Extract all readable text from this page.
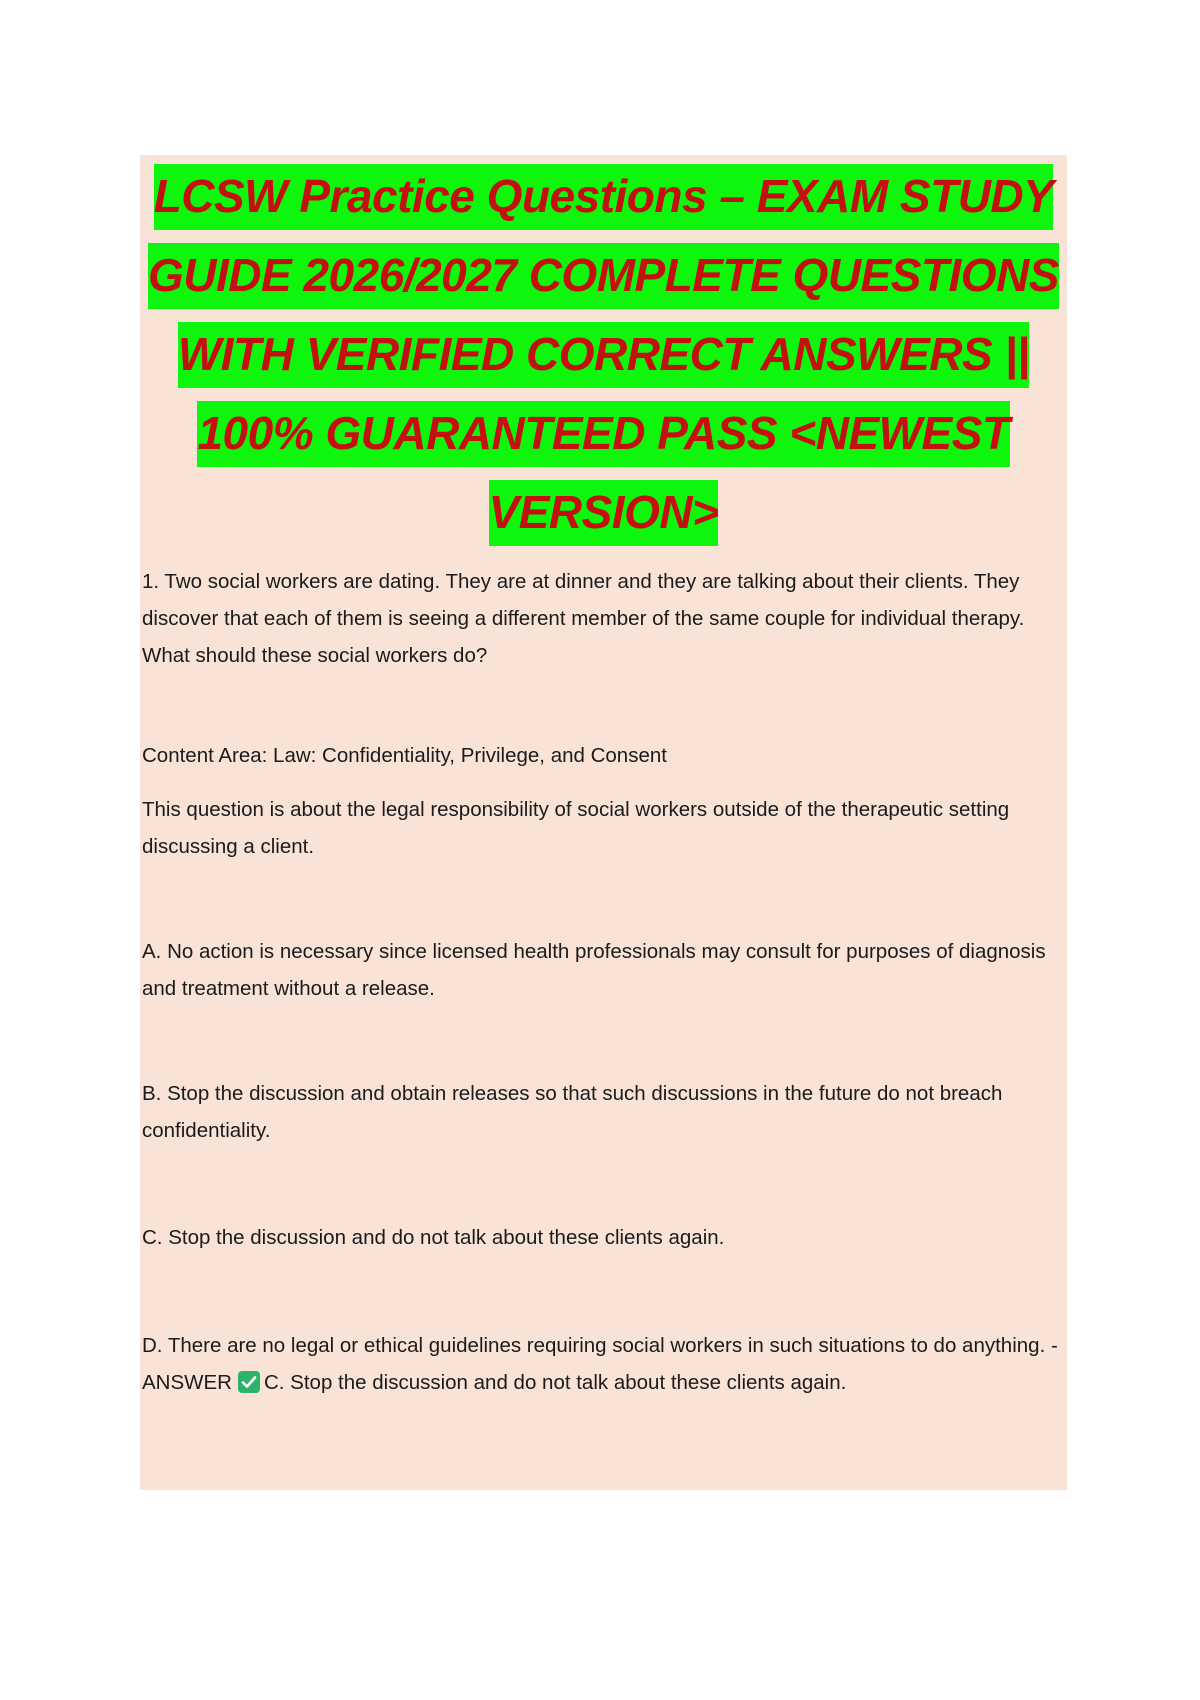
LCSW Practice Questions – EXAM STUDY
GUIDE 2026/2027 COMPLETE QUESTIONS
WITH VERIFIED CORRECT ANSWERS ||
100% GUARANTEED PASS <NEWEST
VERSION>
1. Two social workers are dating. They are at dinner and they are talking about their clients. They discover that each of them is seeing a different member of the same couple for individual therapy. What should these social workers do?
Content Area: Law: Confidentiality, Privilege, and Consent
This question is about the legal responsibility of social workers outside of the therapeutic setting discussing a client.
A. No action is necessary since licensed health professionals may consult for purposes of diagnosis and treatment without a release.
B. Stop the discussion and obtain releases so that such discussions in the future do not breach confidentiality.
C. Stop the discussion and do not talk about these clients again.
D. There are no legal or ethical guidelines requiring social workers in such situations to do anything. - ANSWER C. Stop the discussion and do not talk about these clients again.
